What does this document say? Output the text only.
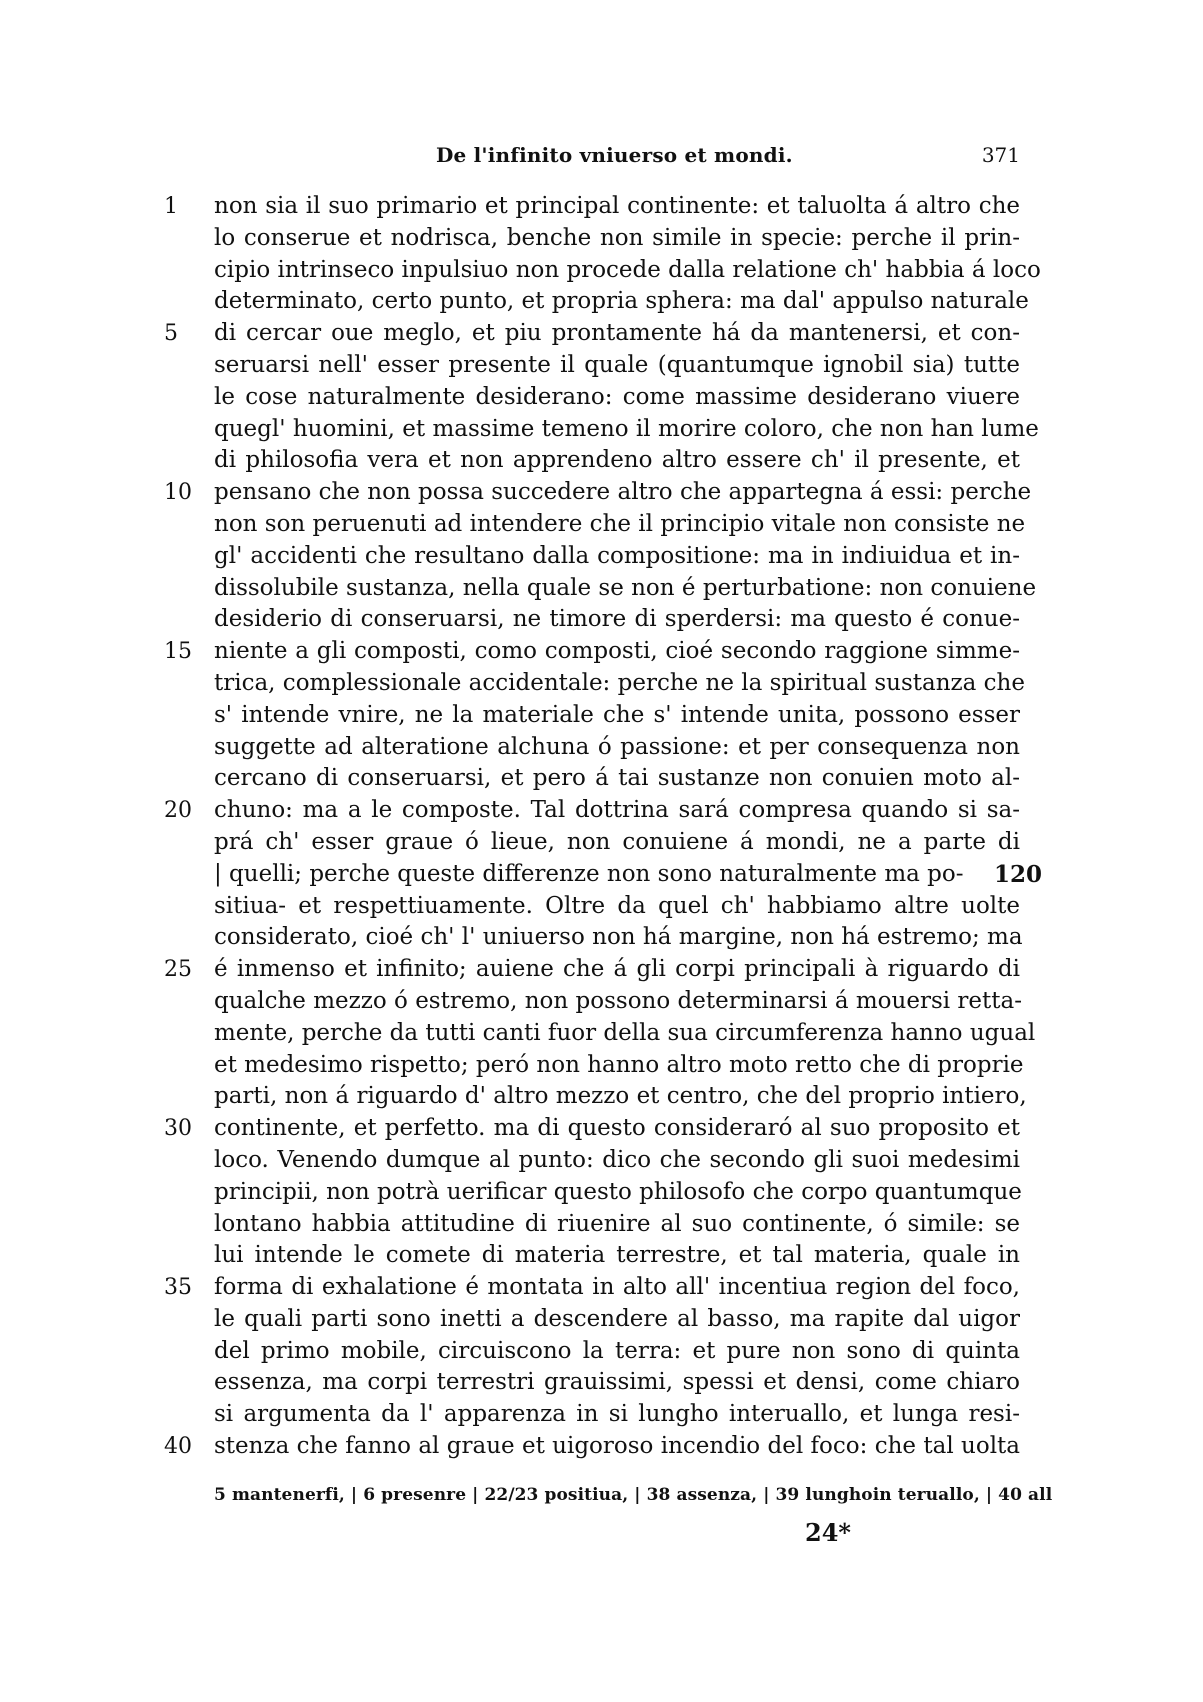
De l'infinito vniuerso et mondi.	371
1	non sia il suo primario et principal continente: et taluolta á altro che
lo conserue et nodrisca, benche non simile in specie: perche il prin-
cipio intrinseco inpulsiuo non procede dalla relatione ch' habbia á loco
determinato, certo punto, et propria sphera: ma dal' appulso naturale
5	di cercar oue meglo, et piu prontamente há da mantenersi, et con-
seruarsi nell' esser presente il quale (quantumque ignobil sia) tutte
le cose naturalmente desiderano: come massime desiderano viuere
quegl' huomini, et massime temeno il morire coloro, che non han lume
di philosofia vera et non apprendeno altro essere ch' il presente, et
10 pensano che non possa succedere altro che appartegna á essi: perche
non son peruenuti ad intendere che il principio vitale non consiste ne
gl' accidenti che resultano dalla compositione: ma in indiuidua et in-
dissolubile sustanza, nella quale se non é perturbatione: non conuiene
desiderio di conseruarsi, ne timore di sperdersi: ma questo é conue-
15 niente a gli composti, como composti, cioé secondo raggione simme-
trica, complessionale accidentale: perche ne la spiritual sustanza che
s' intende vnire, ne la materiale che s' intende unita, possono esser
suggette ad alteratione alchuna ó passione: et per consequenza non
cercano di conseruarsi, et pero á tai sustanze non conuien moto al-
20 chuno: ma a le composte. Tal dottrina sará compresa quando si sa-
prá ch' esser graue ó lieue, non conuiene á mondi, ne a parte di
| quelli; perche queste differenze non sono naturalmente ma po- 120
sitiua- et respettiuamente. Oltre da quel ch' habbiamo altre uolte
considerato, cioé ch' l' uniuerso non há margine, non há estremo; ma
25 é inmenso et infinito; auiene che á gli corpi principali à riguardo di
qualche mezzo ó estremo, non possono determinarsi á mouersi retta-
mente, perche da tutti canti fuor della sua circumferenza hanno ugual
et medesimo rispetto; peró non hanno altro moto retto che di proprie
parti, non á riguardo d' altro mezzo et centro, che del proprio intiero,
30 continente, et perfetto. ma di questo consideraró al suo proposito et
loco. Venendo dumque al punto: dico che secondo gli suoi medesimi
principii, non potrà uerificar questo philosofo che corpo quantumque
lontano habbia attitudine di riuenire al suo continente, ó simile: se
lui intende le comete di materia terrestre, et tal materia, quale in
35 forma di exhalatione é montata in alto all' incentiua region del foco,
le quali parti sono inetti a descendere al basso, ma rapite dal uigor
del primo mobile, circuiscono la terra: et pure non sono di quinta
essenza, ma corpi terrestri grauissimi, spessi et densi, come chiaro
si argumenta da l' apparenza in si lungho interuallo, et lunga resi-
40 stenza che fanno al graue et uigoroso incendio del foco: che tal uolta
5 mantenerfi, | 6 presenre | 22/23 positiua, | 38 assenza, | 39 lunghoin teruallo, | 40 all
24*
